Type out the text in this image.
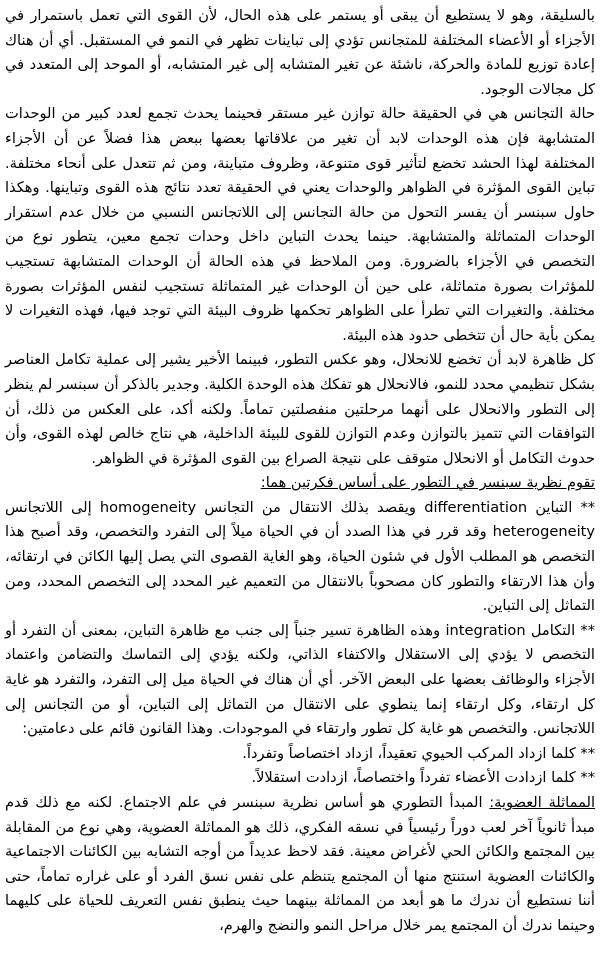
بالسليقة، وهو لا يستطيع أن يبقى أو يستمر على هذه الحال، لأن القوى التي تعمل باستمرار في الأجزاء أو الأعضاء المختلفة للمتجانس تؤدي إلى تباينات تظهر في النمو في المستقبل. أي أن هناك إعادة توزيع للمادة والحركة، ناشئة عن تغير المتشابه إلى غير المتشابه، أو الموحد إلى المتعدد في كل مجالات الوجود.

حالة التجانس هي في الحقيقة حالة توازن غير مستقر فحينما يحدث تجمع لعدد كبير من الوحدات المتشابهة فإن هذه الوحدات لابد أن تغير من علاقاتها بعضها ببعض هذا فضلاً عن أن الأجزاء المختلفة لهذا الحشد تخضع لتأثير قوى متنوعة، وظروف متباينة، ومن ثم تتعدل على أنحاء مختلفة. تباين القوى المؤثرة في الظواهر والوحدات يعني في الحقيقة تعدد نتائج هذه القوى وتباينها. وهكذا حاول سبنسر أن يفسر التحول من حالة التجانس إلى اللاتجانس النسبي من خلال عدم استقرار الوحدات المتماثلة والمتشابهة. حينما يحدث التباين داخل وحدات تجمع معين، يتطور نوع من التخصص في الأجزاء بالضرورة. ومن الملاحظ في هذه الحالة أن الوحدات المتشابهة تستجيب للمؤثرات بصورة متماثلة، على حين أن الوحدات غير المتماثلة تستجيب لنفس المؤثرات بصورة مختلفة. والتغيرات التي تطرأ على الظواهر تحكمها ظروف البيئة التي توجد فيها، فهذه التغيرات لا يمكن بأية حال أن تتخطى حدود هذه البيئة.

كل ظاهرة لابد أن تخضع للانحلال، وهو عكس التطور، فبينما الأخير يشير إلى عملية تكامل العناصر بشكل تنظيمي محدد للنمو، فالانحلال هو تفكك هذه الوحدة الكلية. وجدير بالذكر أن سبنسر لم ينظر إلى التطور والانحلال على أنهما مرحلتين منفصلتين تماماً. ولكنه أكد، على العكس من ذلك، أن التوافقات التي تتميز بالتوازن وعدم التوازن للقوى للبيئة الداخلية، هي نتاج خالص لهذه القوى، وأن حدوث التكامل أو الانحلال متوقف على نتيجة الصراع بين القوى المؤثرة في الظواهر.

تقوم نظرية سبنسر في التطور على أساس فكرتين هما:

** التباين differentiation ويقصد بذلك الانتقال من التجانس homogeneity إلى اللاتجانس heterogeneity وقد قرر في هذا الصدد أن في الحياة ميلاً إلى التفرد والتخصص، وقد أصبح هذا التخصص هو المطلب الأول في شئون الحياة، وهو الغاية القصوى التي يصل إليها الكائن في ارتقائه، وأن هذا الارتقاء والتطور كان مصحوباً بالانتقال من التعميم غير المحدد إلى التخصص المحدد، ومن التماثل إلى التباين.

** التكامل integration وهذه الظاهرة تسير جنباً إلى جنب مع ظاهرة التباين، بمعنى أن التفرد أو التخصص لا يؤدي إلى الاستقلال والاكتفاء الذاتي، ولكنه يؤدي إلى التماسك والتضامن واعتماد الأجزاء والوظائف بعضها على البعض الآخر. أي أن هناك في الحياة ميل إلى التفرد، والتفرد هو غاية كل ارتقاء، وكل ارتقاء إنما ينطوي على الانتقال من التماثل إلى التباين، أو من التجانس إلى اللاتجانس. والتخصص هو غاية كل تطور وارتقاء في الموجودات. وهذا القانون قائم على دعامتين:

** كلما ازداد المركب الحيوي تعقيداً، ازداد اختصاصاً وتفرداً.

** كلما ازدادت الأعضاء تفرداً واختصاصاً، ازدادت استقلالاً.

المماثلة العضوية: المبدأ التطوري هو أساس نظرية سبنسر في علم الاجتماع. لكنه مع ذلك قدم مبدأ ثانوياً آخر لعب دوراً رئيسياً في نسقه الفكري، ذلك هو المماثلة العضوية، وهي نوع من المقابلة بين المجتمع والكائن الحي لأغراض معينة. فقد لاحظ عديداً من أوجه التشابه بين الكائنات الاجتماعية والكائنات العضوية استنتج منها أن المجتمع يتنظم على نفس نسق الفرد أو على غراره تماماً، حتى أننا نستطيع أن ندرك ما هو أبعد من المماثلة بينهما حيث ينطبق نفس التعريف للحياة على كليهما وحينما ندرك أن المجتمع يمر خلال مراحل النمو والنضج والهرم،
